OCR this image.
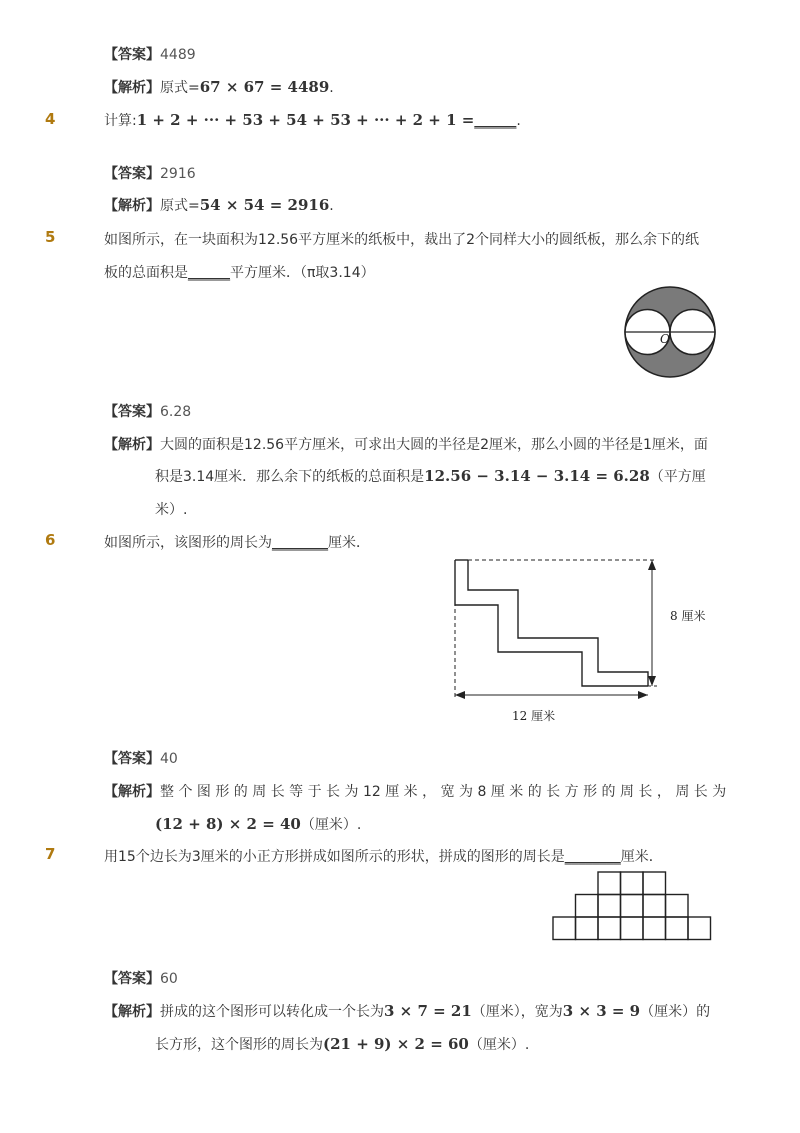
【答案】4489
【解析】原式=67 × 67 = 4489.
4	计算:1 + 2 + ··· + 53 + 54 + 53 + ··· + 2 + 1 =______.
【答案】2916
【解析】原式=54 × 54 = 2916.
5	如图所示，在一块面积为12.56平方厘米的纸板中，裁出了2个同样大小的圆纸板，那么余下的纸
板的总面积是______平方厘米．（π取3.14）
O
【答案】6.28
【解析】大圆的面积是12.56平方厘米，可求出大圆的半径是2厘米，那么小圆的半径是1厘米，面
积是3.14厘米．那么余下的纸板的总面积是12.56 − 3.14 − 3.14 = 6.28（平方厘
米）.
6	如图所示，该图形的周长为________厘米．
8 厘米
12 厘米
【答案】40
【解析】整 个 图 形 的 周 长 等 于 长 为 12 厘 米 ， 宽 为 8 厘 米 的 长 方 形 的 周 长 ， 周 长 为
(12 + 8) × 2 = 40（厘米）.
7	用15个边长为3厘米的小正方形拼成如图所示的形状，拼成的图形的周长是________厘米．
【答案】60
【解析】拼成的这个图形可以转化成一个长为3 × 7 = 21（厘米），宽为3 × 3 = 9（厘米）的
长方形，这个图形的周长为(21 + 9) × 2 = 60（厘米）.
